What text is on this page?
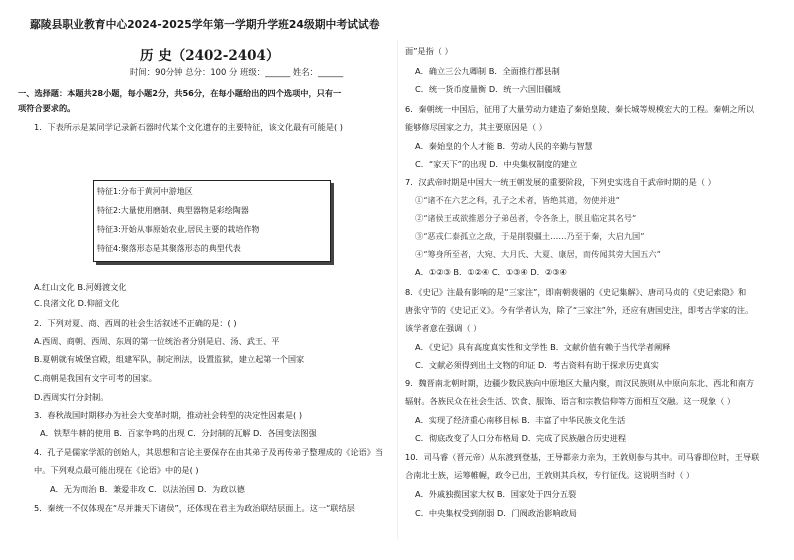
鄢陵县职业教育中心2024-2025学年第一学期升学班24级期中考试试卷
历 史（2402-2404）
时间：90分钟 总分：100 分 班级：______ 姓名：______
一、选择题：本题共28小题，每小题2分，共56分，在每小题给出的四个选项中，只有一
项符合要求的。
1．下表所示是某同学记录新石器时代某个文化遗存的主要特征，该文化最有可能是( )
特征1:分布于黄河中游地区
特征2:大量使用磨制、典型器物是彩绘陶器
特征3:开始从事原始农业,居民主要的栽培作物
特征4:聚落形态是其聚落形态的典型代表
A.红山文化 B.河姆渡文化
C.良渚文化 D.仰韶文化
2．下列对夏、商、西周的社会生活叙述不正确的是：( )
A.西周、商朝、西周、东周的第一位统治者分别是启、汤、武王、平
B.夏朝就有城堡宫殿，组建军队，制定刑法，设置监狱，建立起第一个国家
C.商朝是我国有文字可考的国家。
D.西周实行分封制。
3．春秋战国时期移办为社会大变革时期，推动社会转型的决定性因素是( )
A．铁犁牛耕的使用 B．百家争鸣的出现 C．分封制的瓦解 D．各国变法图强
4．孔子是儒家学派的创始人，其思想和言论主要保存在由其弟子及再传弟子整理成的《论语》当
中。下列观点最可能出现在《论语》中的是( )
A．无为而治 B．兼爱非攻 C．以法治国 D．为政以德
5．秦统一不仅体现在“尽并兼天下诸侯”，还体现在君主为政治联结层面上。这一“联结层
面”是指（ ）
A．确立三公九卿制 B．全面推行郡县制
C．统一货币度量衡 D．统一六国旧疆域
6．秦朝统一中国后，征用了大量劳动力建造了秦始皇陵、秦长城等规模宏大的工程。秦朝之所以
能够修尽国家之力，其主要原因是（ ）
A．秦始皇的个人才能 B．劳动人民的辛勤与智慧
C．“家天下”的出现 D．中央集权制度的建立
7．汉武帝时期是中国大一统王朝发展的重要阶段，下列史实选自于武帝时期的是（ ）
①“诸不在六艺之科，孔子之术者，皆绝其道，勿使并进”
②“诸侯王或欲推恩分子弟邑者，令各条上，朕且临定其名号”
③“恶戎仁泰孤立之敌，于是削裂疆土……乃至于秦，大启九国”
④“筹身所至者，大宛、大月氏、大夏、康居，而传闻其旁大国五六”
A．①②③ B．①②④ C．①③④ D．②③④
8．《史记》注最有影响的是“三家注”，即南朝裴骃的《史记集解》、唐司马贞的《史记索隐》和
唐张守节的《史记正义》。今有学者认为，除了“三家注”外，还应有唐国史注，即考古学家的注。
该学者意在强调（ ）
A．《史记》具有高度真实性和文学性 B．文献价值有赖于当代学者阐释
C．文献必须得到出土文物的印证 D．考古资料有助于探求历史真实
9．魏晋南北朝时期，边疆少数民族向中原地区大量内聚，而汉民族则从中原向东北、西北和南方
辐射。各族民众在社会生活、饮食、服饰、语言和宗教信仰等方面相互交融。这一现象（ ）
A．实现了经济重心南移目标 B．丰富了中华民族文化生活
C．彻底改变了人口分布格局 D．完成了民族融合历史进程
10．司马睿（晋元帝）从东渡到登基，王导都亲力亲为，王敦则参与其中。司马睿即位时，王导联
合南北士族，运筹帷幄，政令已出，王敦则其兵权，专行征伐。这说明当时（ ）
A．外戚独揽国家大权 B．国家处于四分五裂
C．中央集权受到削弱 D．门阀政治影响政局
